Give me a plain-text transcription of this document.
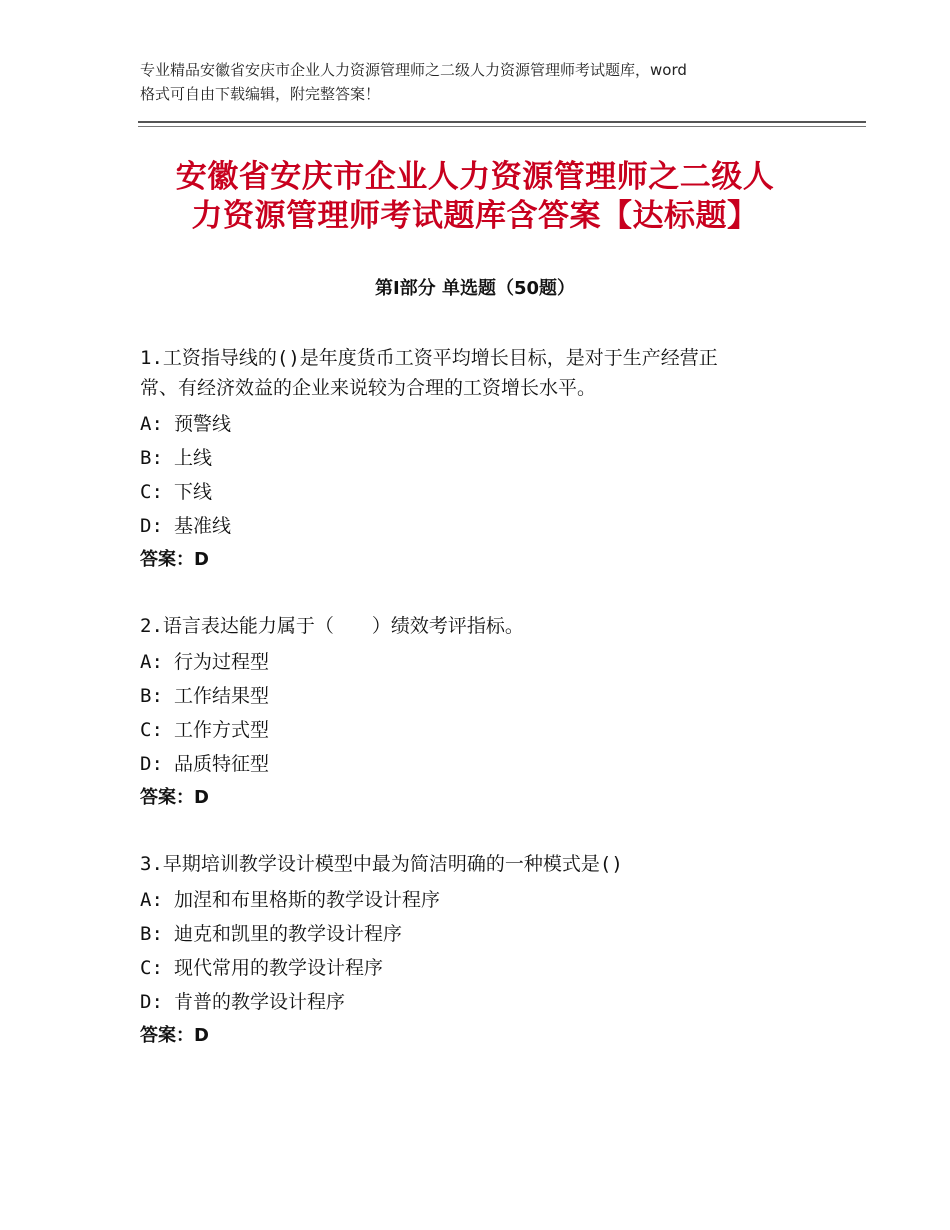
专业精品安徽省安庆市企业人力资源管理师之二级人力资源管理师考试题库，word
格式可自由下载编辑，附完整答案！
安徽省安庆市企业人力资源管理师之二级人
力资源管理师考试题库含答案【达标题】
第Ⅰ部分 单选题（50题）
1.工资指导线的()是年度货币工资平均增长目标，是对于生产经营正
常、有经济效益的企业来说较为合理的工资增长水平。
A: 预警线
B: 上线
C: 下线
D: 基准线
答案：D
2.语言表达能力属于（　　）绩效考评指标。
A: 行为过程型
B: 工作结果型
C: 工作方式型
D: 品质特征型
答案：D
3.早期培训教学设计模型中最为简洁明确的一种模式是()
A: 加涅和布里格斯的教学设计程序
B: 迪克和凯里的教学设计程序
C: 现代常用的教学设计程序
D: 肯普的教学设计程序
答案：D
